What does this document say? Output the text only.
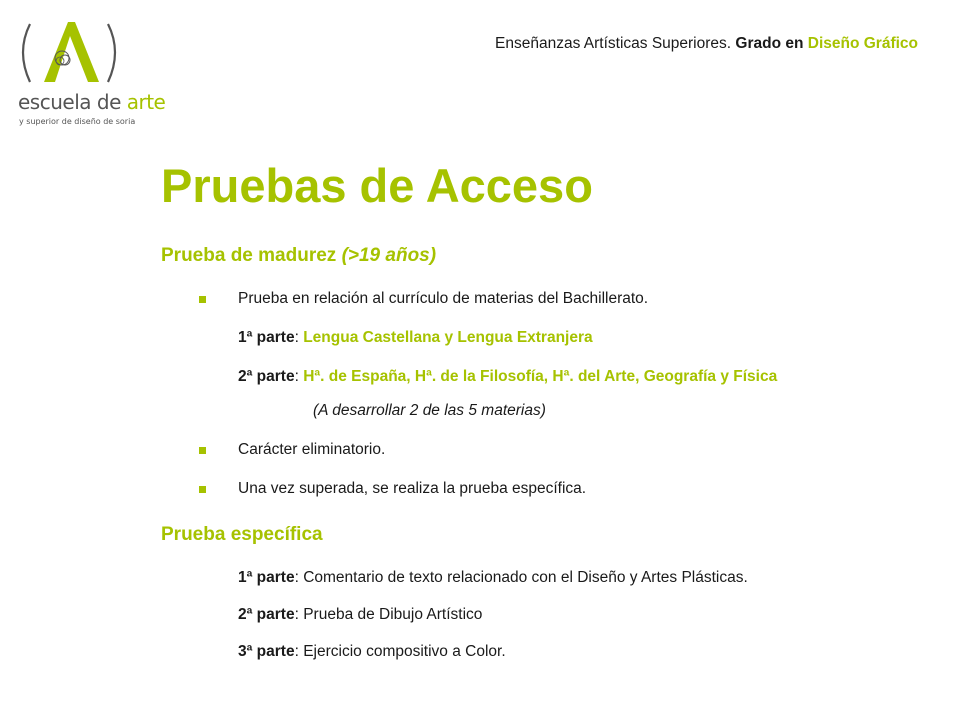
escuela de arte
y superior de diseño de soria
Enseñanzas Artísticas Superiores. Grado en Diseño Gráfico
Pruebas de Acceso
Prueba de madurez (>19 años)
Prueba en relación al currículo de materias del Bachillerato.
1ª parte: Lengua Castellana y Lengua Extranjera
2ª parte: Hª. de España, Hª. de la Filosofía, Hª. del Arte, Geografía y Física
(A desarrollar 2 de las 5 materias)
Carácter eliminatorio.
Una vez superada, se realiza la prueba específica.
Prueba específica
1ª parte: Comentario de texto relacionado con el Diseño y Artes Plásticas.
2ª parte: Prueba de Dibujo Artístico
3ª parte: Ejercicio compositivo a Color.
